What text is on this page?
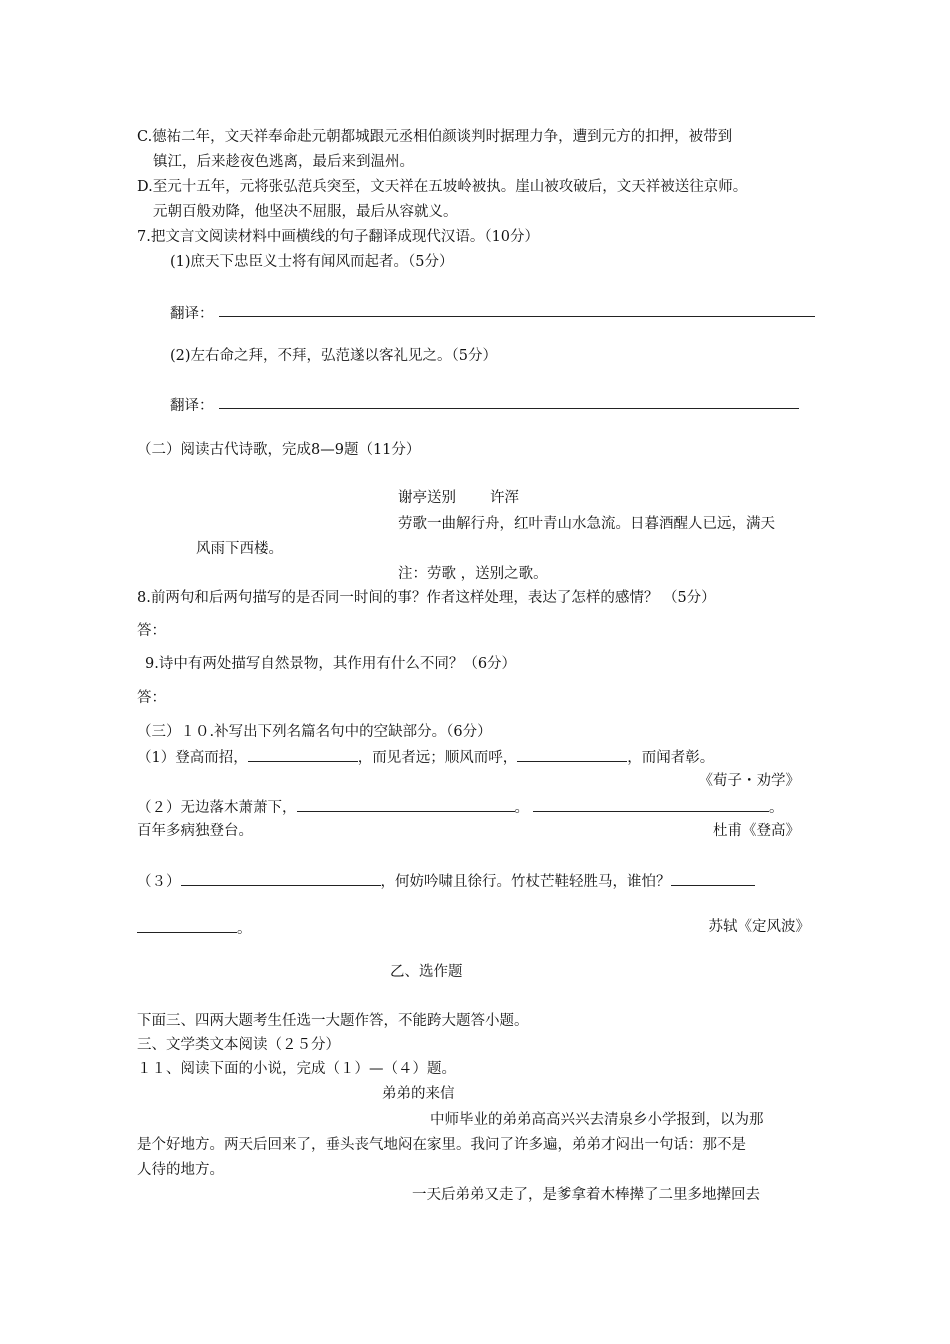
C.德祐二年，文天祥奉命赴元朝都城跟元丞相伯颜谈判时据理力争，遭到元方的扣押，被带到
镇江，后来趁夜色逃离，最后来到温州。
D.至元十五年，元将张弘范兵突至，文天祥在五坡岭被执。崖山被攻破后，文天祥被送往京师。
元朝百般劝降，他坚决不屈服，最后从容就义。
7.把文言文阅读材料中画横线的句子翻译成现代汉语。（10分）
(1)庶天下忠臣义士将有闻风而起者。（5分）
翻译：
(2)左右命之拜，不拜，弘范遂以客礼见之。（5分）
翻译：
（二）阅读古代诗歌，完成8—9题（11分）
谢亭送别 许浑
劳歌一曲解行舟，红叶青山水急流。日暮酒醒人已远，满天
风雨下西楼。
注：劳歌 ，送别之歌。
8.前两句和后两句描写的是否同一时间的事？作者这样处理，表达了怎样的感情？ （5分）
答：
9.诗中有两处描写自然景物，其作用有什么不同？（6分）
答：
（三）１０.补写出下列名篇名句中的空缺部分。（6分）
（1）登高而招，	，而见者远；顺风而呼，	，而闻者彰。
《荀子・劝学》
（２）无边落木萧萧下，	。	。
百年多病独登台。	杜甫《登高》
（３）	，何妨吟啸且徐行。竹杖芒鞋轻胜马，谁怕？
。	苏轼《定风波》
乙、选作题
下面三、四两大题考生任选一大题作答，不能跨大题答小题。
三、文学类文本阅读（２５分）
１１、阅读下面的小说，完成（１）—（４）题。
弟弟的来信
中师毕业的弟弟高高兴兴去清泉乡小学报到，以为那
是个好地方。两天后回来了，垂头丧气地闷在家里。我问了许多遍，弟弟才闷出一句话：那不是
人待的地方。
一天后弟弟又走了，是爹拿着木棒撵了二里多地撵回去
